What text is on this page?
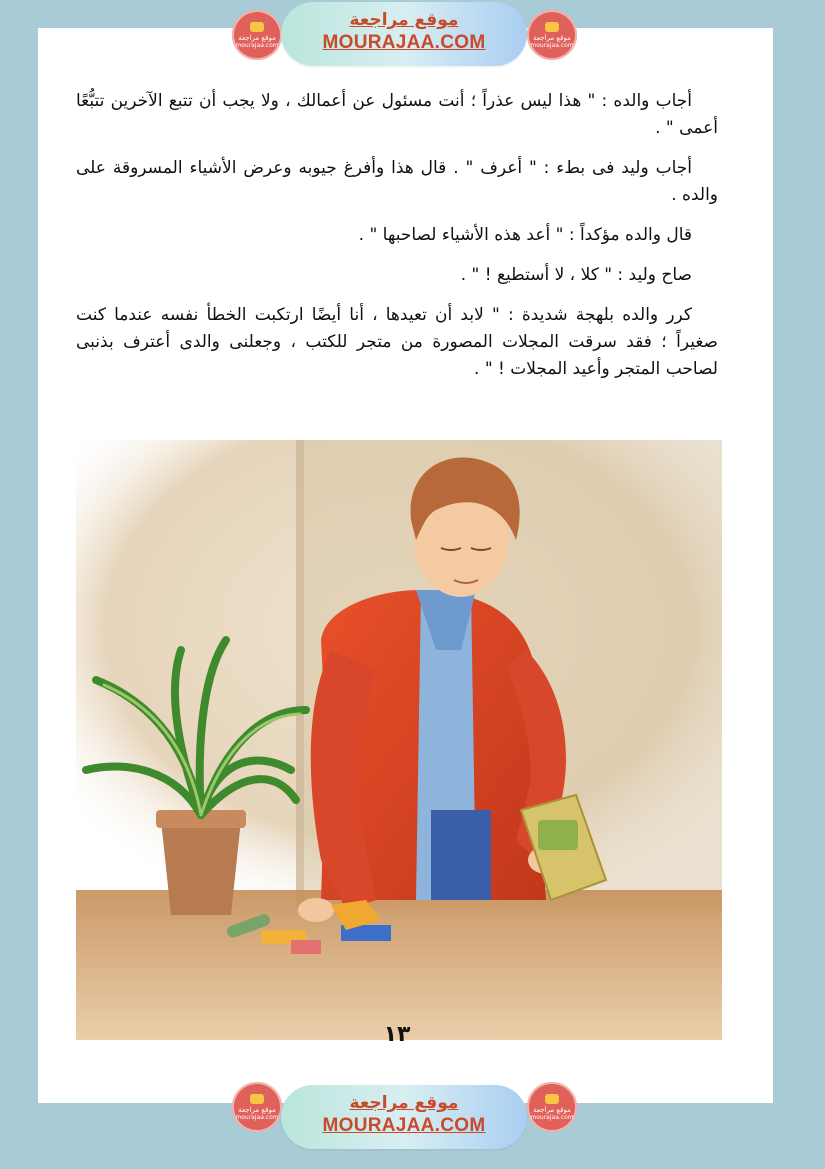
موقع مراجعة
mourajaa.com
موقع مراجعة
MOURAJAA.COM	موقع مراجعة
mourajaa.com

أجاب والده : " هذا ليس عذراً ؛ أنت مسئول عن أعمالك ، ولا يجب أن تتبع الآخرين تتبُّعًا أعمى " .

أجاب وليد فى بطء : " أعرف " . قال هذا وأفرغ جيوبه وعرض الأشياء المسروقة على والده .

قال والده مؤكداً : " أعد هذه الأشياء لصاحبها " .

صاح وليد : " كلا ، لا أستطيع ! " .

كرر والده بلهجة شديدة : " لابد أن تعيدها ، أنا أيضًا ارتكبت الخطأ نفسه عندما كنت صغيراً ؛ فقد سرقت المجلات المصورة من متجر للكتب ، وجعلنى والدى أعترف بذنبى لصاحب المتجر وأعيد المجلات ! " .

١٣
موقع مراجعة
mourajaa.com
موقع مراجعة
MOURAJAA.COM
موقع مراجعة
mourajaa.com
